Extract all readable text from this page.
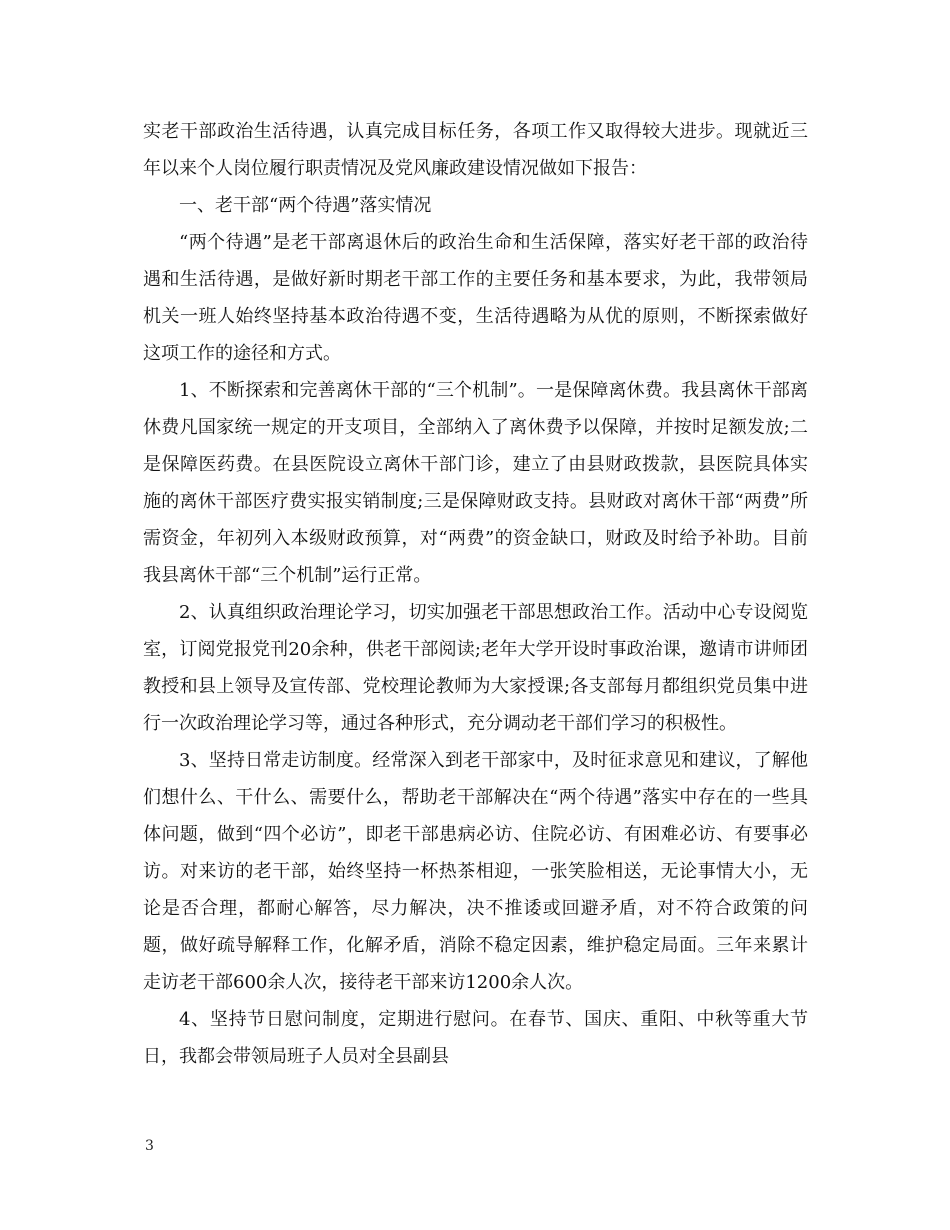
实老干部政治生活待遇，认真完成目标任务，各项工作又取得较大进步。现就近三年以来个人岗位履行职责情况及党风廉政建设情况做如下报告：

一、老干部“两个待遇”落实情况

“两个待遇”是老干部离退休后的政治生命和生活保障，落实好老干部的政治待遇和生活待遇，是做好新时期老干部工作的主要任务和基本要求，为此，我带领局机关一班人始终坚持基本政治待遇不变，生活待遇略为从优的原则，不断探索做好这项工作的途径和方式。

1、不断探索和完善离休干部的“三个机制”。一是保障离休费。我县离休干部离休费凡国家统一规定的开支项目，全部纳入了离休费予以保障，并按时足额发放;二是保障医药费。在县医院设立离休干部门诊，建立了由县财政拨款，县医院具体实施的离休干部医疗费实报实销制度;三是保障财政支持。县财政对离休干部“两费”所需资金，年初列入本级财政预算，对“两费”的资金缺口，财政及时给予补助。目前我县离休干部“三个机制”运行正常。

2、认真组织政治理论学习，切实加强老干部思想政治工作。活动中心专设阅览室，订阅党报党刊20余种，供老干部阅读;老年大学开设时事政治课，邀请市讲师团教授和县上领导及宣传部、党校理论教师为大家授课;各支部每月都组织党员集中进行一次政治理论学习等，通过各种形式，充分调动老干部们学习的积极性。

3、坚持日常走访制度。经常深入到老干部家中，及时征求意见和建议，了解他们想什么、干什么、需要什么，帮助老干部解决在“两个待遇”落实中存在的一些具体问题，做到“四个必访”，即老干部患病必访、住院必访、有困难必访、有要事必访。对来访的老干部，始终坚持一杯热茶相迎，一张笑脸相送，无论事情大小，无论是否合理，都耐心解答，尽力解决，决不推诿或回避矛盾，对不符合政策的问题，做好疏导解释工作，化解矛盾，消除不稳定因素，维护稳定局面。三年来累计走访老干部600余人次，接待老干部来访1200余人次。

4、坚持节日慰问制度，定期进行慰问。在春节、国庆、重阳、中秋等重大节日，我都会带领局班子人员对全县副县

3
